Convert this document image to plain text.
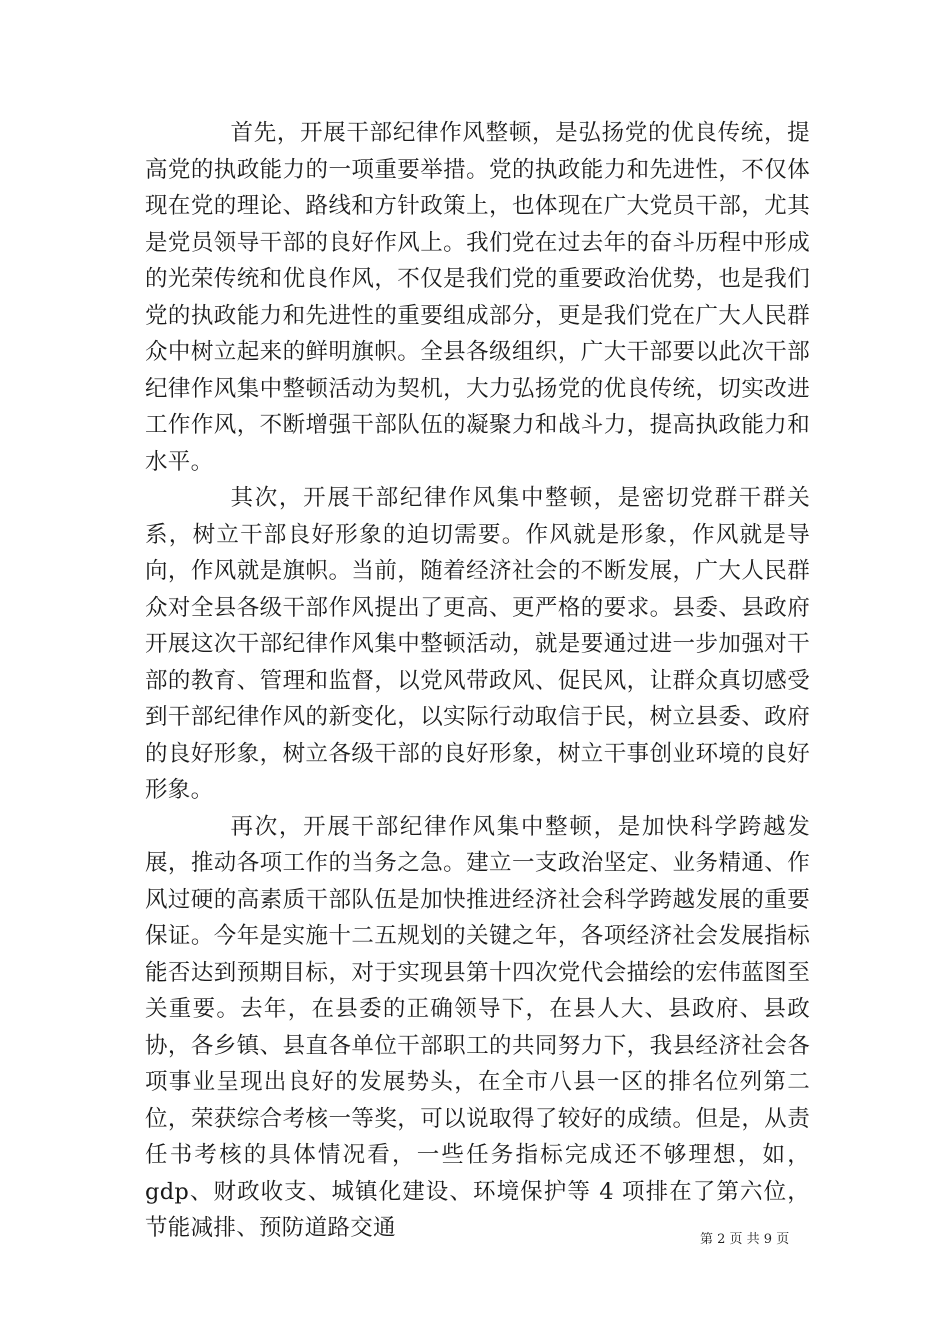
首先，开展干部纪律作风整顿，是弘扬党的优良传统，提高党的执政能力的一项重要举措。党的执政能力和先进性，不仅体现在党的理论、路线和方针政策上，也体现在广大党员干部，尤其是党员领导干部的良好作风上。我们党在过去年的奋斗历程中形成的光荣传统和优良作风，不仅是我们党的重要政治优势，也是我们党的执政能力和先进性的重要组成部分，更是我们党在广大人民群众中树立起来的鲜明旗帜。全县各级组织，广大干部要以此次干部纪律作风集中整顿活动为契机，大力弘扬党的优良传统，切实改进工作作风，不断增强干部队伍的凝聚力和战斗力，提高执政能力和水平。

其次，开展干部纪律作风集中整顿，是密切党群干群关系，树立干部良好形象的迫切需要。作风就是形象，作风就是导向，作风就是旗帜。当前，随着经济社会的不断发展，广大人民群众对全县各级干部作风提出了更高、更严格的要求。县委、县政府开展这次干部纪律作风集中整顿活动，就是要通过进一步加强对干部的教育、管理和监督，以党风带政风、促民风，让群众真切感受到干部纪律作风的新变化，以实际行动取信于民，树立县委、政府的良好形象，树立各级干部的良好形象，树立干事创业环境的良好形象。

再次，开展干部纪律作风集中整顿，是加快科学跨越发展，推动各项工作的当务之急。建立一支政治坚定、业务精通、作风过硬的高素质干部队伍是加快推进经济社会科学跨越发展的重要保证。今年是实施十二五规划的关键之年，各项经济社会发展指标能否达到预期目标，对于实现县第十四次党代会描绘的宏伟蓝图至关重要。去年，在县委的正确领导下，在县人大、县政府、县政协，各乡镇、县直各单位干部职工的共同努力下，我县经济社会各项事业呈现出良好的发展势头，在全市八县一区的排名位列第二位，荣获综合考核一等奖，可以说取得了较好的成绩。但是，从责任书考核的具体情况看，一些任务指标完成还不够理想，如，gdp、财政收支、城镇化建设、环境保护等 4 项排在了第六位，节能减排、预防道路交通	第 2 页 共 9 页
